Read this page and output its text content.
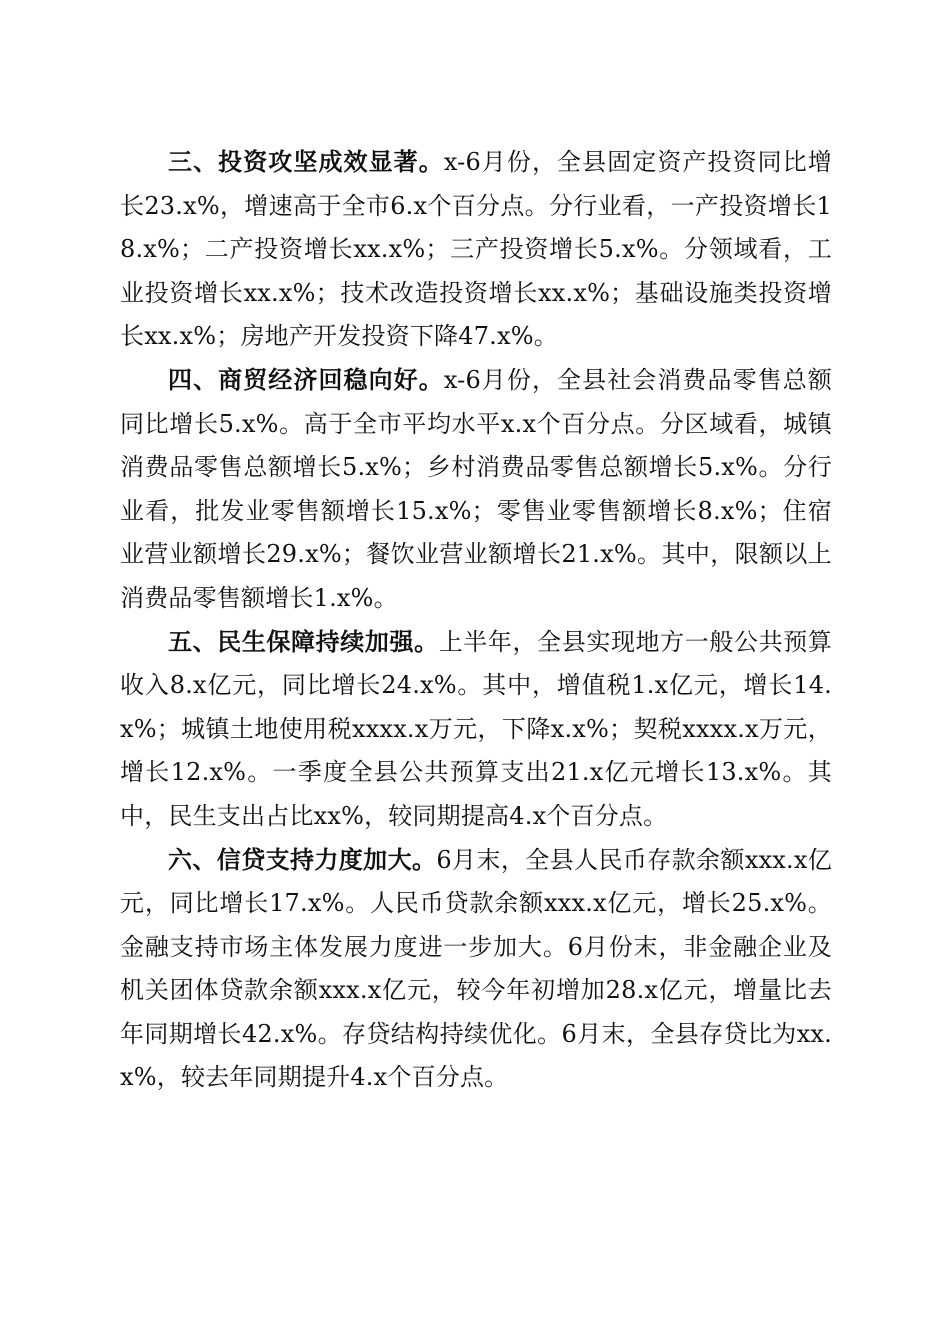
三、投资攻坚成效显著。x-6月份，全县固定资产投资同比增长23.x%，增速高于全市6.x个百分点。分行业看，一产投资增长18.x%；二产投资增长xx.x%；三产投资增长5.x%。分领域看，工业投资增长xx.x%；技术改造投资增长xx.x%；基础设施类投资增长xx.x%；房地产开发投资下降47.x%。

四、商贸经济回稳向好。x-6月份，全县社会消费品零售总额同比增长5.x%。高于全市平均水平x.x个百分点。分区域看，城镇消费品零售总额增长5.x%；乡村消费品零售总额增长5.x%。分行业看，批发业零售额增长15.x%；零售业零售额增长8.x%；住宿业营业额增长29.x%；餐饮业营业额增长21.x%。其中，限额以上消费品零售额增长1.x%。

五、民生保障持续加强。上半年，全县实现地方一般公共预算收入8.x亿元，同比增长24.x%。其中，增值税1.x亿元，增长14.x%；城镇土地使用税xxxx.x万元，下降x.x%；契税xxxx.x万元，增长12.x%。一季度全县公共预算支出21.x亿元增长13.x%。其中，民生支出占比xx%，较同期提高4.x个百分点。

六、信贷支持力度加大。6月末，全县人民币存款余额xxx.x亿元，同比增长17.x%。人民币贷款余额xxx.x亿元，增长25.x%。金融支持市场主体发展力度进一步加大。6月份末，非金融企业及机关团体贷款余额xxx.x亿元，较今年初增加28.x亿元，增量比去年同期增长42.x%。存贷结构持续优化。6月末，全县存贷比为xx.x%，较去年同期提升4.x个百分点。
